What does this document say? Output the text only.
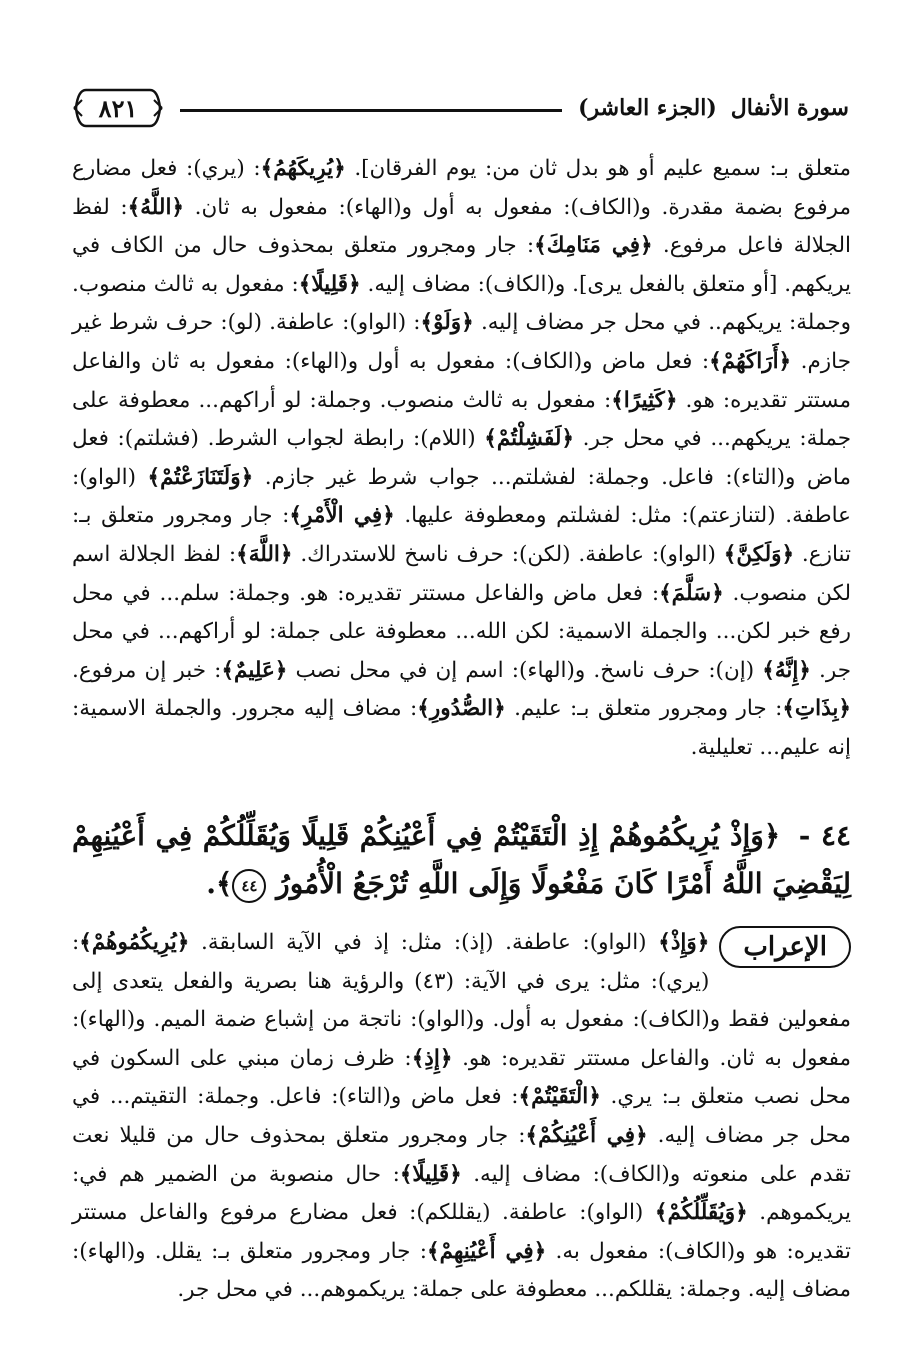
سورة الأنفال
(الجزء العاشر)
٨٢١

متعلق بـ: سميع عليم أو هو بدل ثان من: يوم الفرقان]. ﴿يُرِيكَهُمُ﴾: (يري): فعل مضارع مرفوع بضمة مقدرة. و(الكاف): مفعول به أول و(الهاء): مفعول به ثان. ﴿اللَّهُ﴾: لفظ الجلالة فاعل مرفوع. ﴿فِي مَنَامِكَ﴾: جار ومجرور متعلق بمحذوف حال من الكاف في يريكهم. [أو متعلق بالفعل يرى]. و(الكاف): مضاف إليه. ﴿قَلِيلًا﴾: مفعول به ثالث منصوب. وجملة: يريكهم.. في محل جر مضاف إليه. ﴿وَلَوْ﴾: (الواو): عاطفة. (لو): حرف شرط غير جازم. ﴿أَرَاكَهُمْ﴾: فعل ماض و(الكاف): مفعول به أول و(الهاء): مفعول به ثان والفاعل مستتر تقديره: هو. ﴿كَثِيرًا﴾: مفعول به ثالث منصوب. وجملة: لو أراكهم... معطوفة على جملة: يريكهم... في محل جر. ﴿لَفَشِلْتُمْ﴾ (اللام): رابطة لجواب الشرط. (فشلتم): فعل ماض و(التاء): فاعل. وجملة: لفشلتم... جواب شرط غير جازم. ﴿وَلَتَنَازَعْتُمْ﴾ (الواو): عاطفة. (لتنازعتم): مثل: لفشلتم ومعطوفة عليها. ﴿فِي الْأَمْرِ﴾: جار ومجرور متعلق بـ: تنازع. ﴿وَلَكِنَّ﴾ (الواو): عاطفة. (لكن): حرف ناسخ للاستدراك. ﴿اللَّهَ﴾: لفظ الجلالة اسم لكن منصوب. ﴿سَلَّمَ﴾: فعل ماض والفاعل مستتر تقديره: هو. وجملة: سلم... في محل رفع خبر لكن... والجملة الاسمية: لكن الله... معطوفة على جملة: لو أراكهم... في محل جر. ﴿إِنَّهُ﴾ (إن): حرف ناسخ. و(الهاء): اسم إن في محل نصب ﴿عَلِيمٌ﴾: خبر إن مرفوع. ﴿بِذَاتِ﴾: جار ومجرور متعلق بـ: عليم. ﴿الصُّدُورِ﴾: مضاف إليه مجرور. والجملة الاسمية: إنه عليم... تعليلية.

٤٤ - ﴿وَإِذْ يُرِيكُمُوهُمْ إِذِ الْتَقَيْتُمْ فِي أَعْيُنِكُمْ قَلِيلًا وَيُقَلِّلُكُمْ فِي أَعْيُنِهِمْ لِيَقْضِيَ اللَّهُ أَمْرًا كَانَ مَفْعُولًا وَإِلَى اللَّهِ تُرْجَعُ الْأُمُورُ
٤٤
﴾.
الإعراب
﴿وَإِذْ﴾ (الواو): عاطفة. (إذ): مثل: إذ في الآية السابقة. ﴿يُرِيكُمُوهُمْ﴾: (يري): مثل: يرى في الآية: (٤٣) والرؤية هنا بصرية والفعل يتعدى إلى مفعولين فقط و(الكاف): مفعول به أول. و(الواو): ناتجة من إشباع ضمة الميم. و(الهاء): مفعول به ثان. والفاعل مستتر تقديره: هو. ﴿إِذِ﴾: ظرف زمان مبني على السكون في محل نصب متعلق بـ: يري. ﴿الْتَقَيْتُمْ﴾: فعل ماض و(التاء): فاعل. وجملة: التقيتم... في محل جر مضاف إليه. ﴿فِي أَعْيُنِكُمْ﴾: جار ومجرور متعلق بمحذوف حال من قليلا نعت تقدم على منعوته و(الكاف): مضاف إليه. ﴿قَلِيلًا﴾: حال منصوبة من الضمير هم في: يريكموهم. ﴿وَيُقَلِّلُكُمْ﴾ (الواو): عاطفة. (يقللكم): فعل مضارع مرفوع والفاعل مستتر تقديره: هو و(الكاف): مفعول به. ﴿فِي أَعْيُنِهِمْ﴾: جار ومجرور متعلق بـ: يقلل. و(الهاء): مضاف إليه. وجملة: يقللكم... معطوفة على جملة: يريكموهم... في محل جر.
